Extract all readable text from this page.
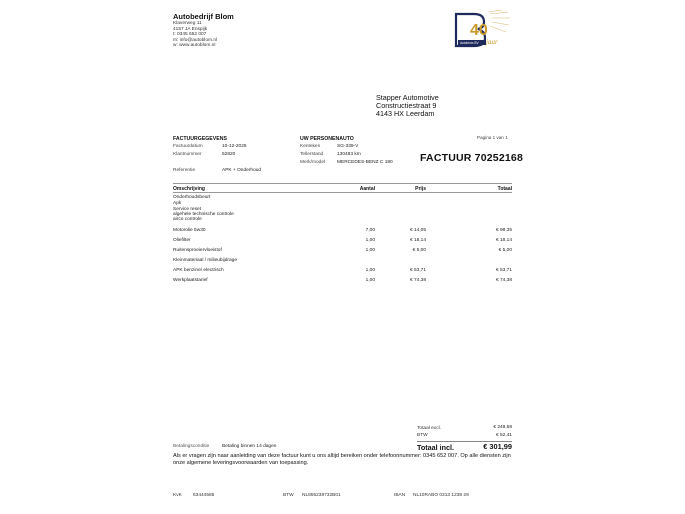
Autobedrijf Blom
Klaverweg 11
4157 JA Enspijk
t: 0345 652 007
m: info@autoblom.nl
w: www.autoblom.nl
40
Autoblom BV jaar
Stapper Automotive
Constructiestraat 9
4143 HX Leerdam
FACTUURGEGEVENS
Factuurdatum	10-12-2025
Klantnummer	52820
Referentie	APK + Onderhoud
UW PERSONENAUTO
Kenteken	SG-339-V
Tellerstand	130483 km
Merk/model MERCEDES-BENZ C 180
Pagina 1 van 1
FACTUUR 70252168
Omschrijving	Aantal	Prijs	Totaal
Onderhoudsbeurt
Apk
Service reset
algehele technische controle
airco controle
Motorolie 5w30	7,00	€ 14,05	€ 98,35
Oliefilter	1,00	€ 18,14	€ 18,14
Ruitensproeiervloeistof	1,00	€ 5,00	€ 5,00
Kleinmateriaal / milieubijdrage
APK benzine/ electrisch	1,00	€ 53,71	€ 53,71
Werkplaatstarief	1,00	€ 74,38	€ 74,38
Totaal excl.	€ 249,58
BTW	€ 52,41
Totaal incl.	€ 301,99
Betalingsconditie	Betaling binnen 14 dagen
Als er vragen zijn naar aanleiding van deze factuur kunt u ons altijd bereiken onder telefoonnummer: 0345 652 007. Op alle diensten zijn onze algemene leveringsvoorwaarden van toepassing.
KvK 63444585	BTW NL855238732B01	IBAN NL10RABO 0313 1238 29
